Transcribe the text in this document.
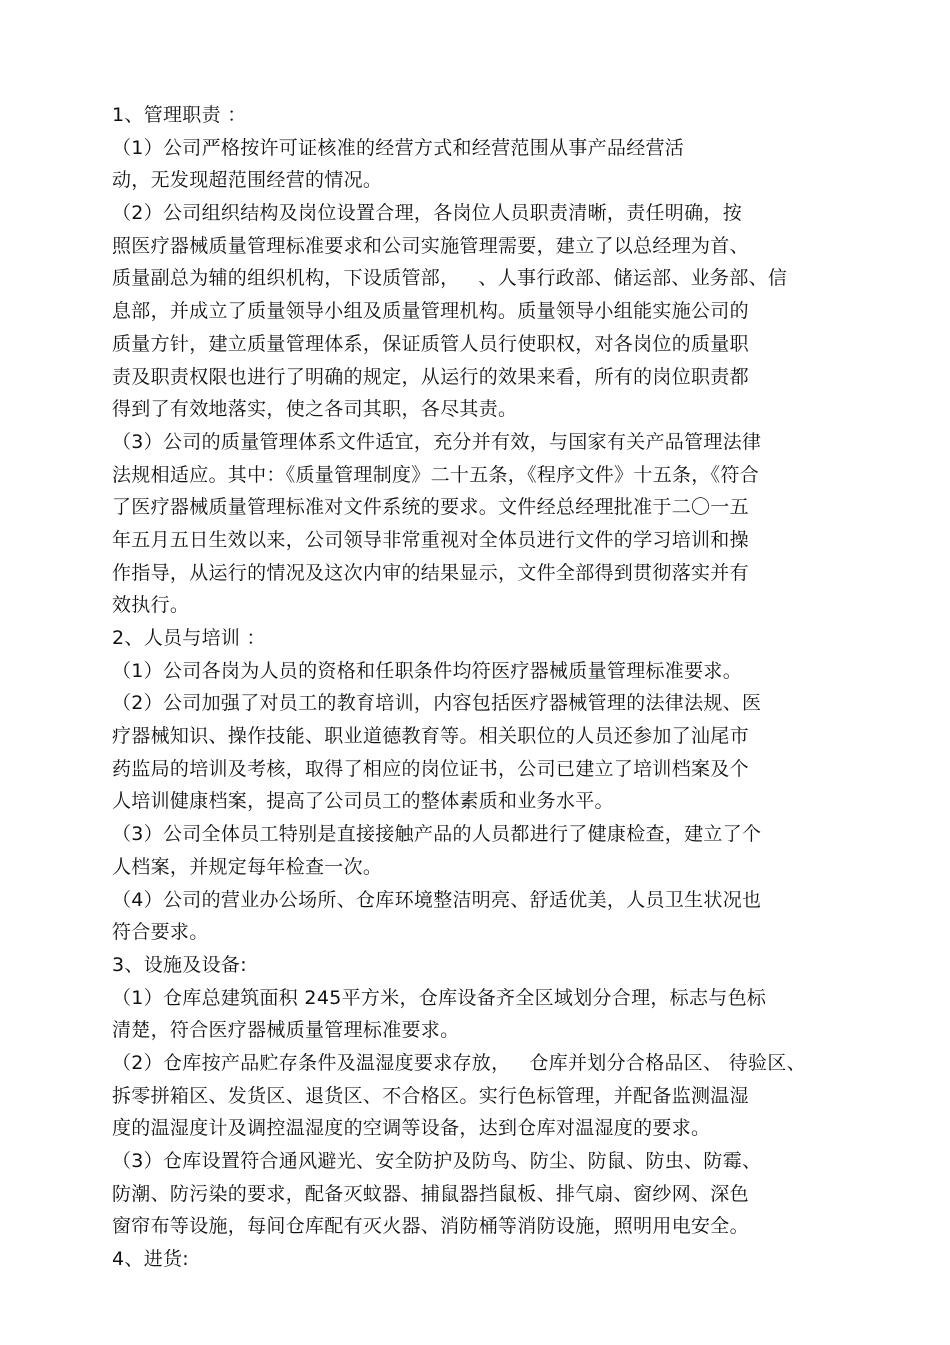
1、管理职责 ：
（1）公司严格按许可证核准的经营方式和经营范围从事产品经营活
动，无发现超范围经营的情况。
（2）公司组织结构及岗位设置合理，各岗位人员职责清晰，责任明确，按
照医疗器械质量管理标准要求和公司实施管理需要，建立了以总经理为首、
质量副总为辅的组织机构，下设质管部，   、人事行政部、储运部、业务部、信
息部，并成立了质量领导小组及质量管理机构。质量领导小组能实施公司的
质量方针，建立质量管理体系，保证质管人员行使职权，对各岗位的质量职
责及职责权限也进行了明确的规定，从运行的效果来看，所有的岗位职责都
得到了有效地落实，使之各司其职，各尽其责。
（3）公司的质量管理体系文件适宜，充分并有效，与国家有关产品管理法律
法规相适应。其中：《质量管理制度》二十五条，《程序文件》十五条，《符合
了医疗器械质量管理标准对文件系统的要求。文件经总经理批准于二〇一五
年五月五日生效以来，公司领导非常重视对全体员进行文件的学习培训和操
作指导，从运行的情况及这次内审的结果显示，文件全部得到贯彻落实并有
效执行。
2、人员与培训 ：
（1）公司各岗为人员的资格和任职条件均符医疗器械质量管理标准要求。
（2）公司加强了对员工的教育培训，内容包括医疗器械管理的法律法规、医
疗器械知识、操作技能、职业道德教育等。相关职位的人员还参加了汕尾市
药监局的培训及考核，取得了相应的岗位证书，公司已建立了培训档案及个
人培训健康档案，提高了公司员工的整体素质和业务水平。
（3）公司全体员工特别是直接接触产品的人员都进行了健康检查，建立了个
人档案，并规定每年检查一次。
（4）公司的营业办公场所、仓库环境整洁明亮、舒适优美，人员卫生状况也
符合要求。
3、设施及设备:
（1）仓库总建筑面积 245平方米，仓库设备齐全区域划分合理，标志与色标
清楚，符合医疗器械质量管理标准要求。
（2）仓库按产品贮存条件及温湿度要求存放，   仓库并划分合格品区、 待验区、
拆零拼箱区、发货区、退货区、不合格区。实行色标管理，并配备监测温湿
度的温湿度计及调控温湿度的空调等设备，达到仓库对温湿度的要求。
（3）仓库设置符合通风避光、安全防护及防鸟、防尘、防鼠、防虫、防霉、
防潮、防污染的要求，配备灭蚊器、捕鼠器挡鼠板、排气扇、窗纱网、深色
窗帘布等设施，每间仓库配有灭火器、消防桶等消防设施，照明用电安全。
4、进货:
